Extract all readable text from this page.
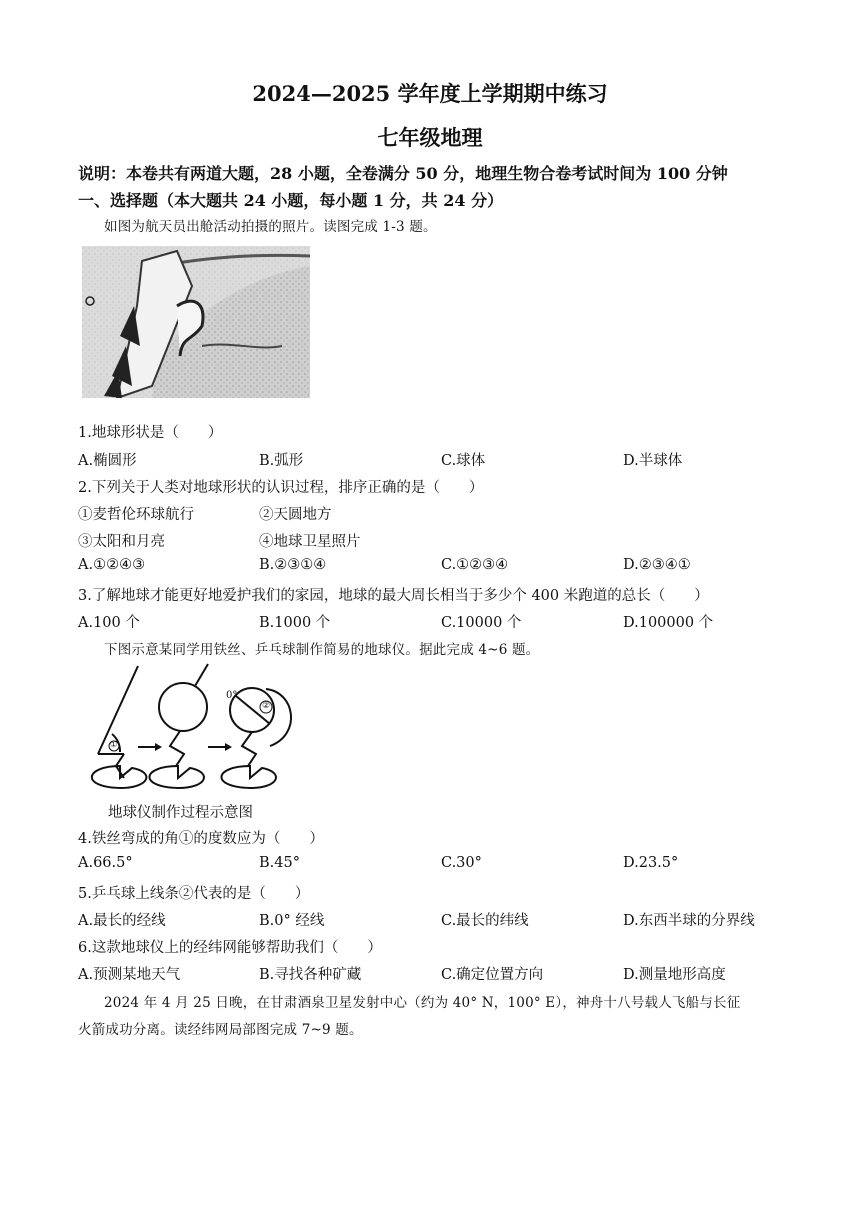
2024—2025 学年度上学期期中练习
七年级地理
说明：本卷共有两道大题，28 小题，全卷满分 50 分，地理生物合卷考试时间为 100 分钟
一、选择题（本大题共 24 小题，每小题 1 分，共 24 分）
如图为航天员出舱活动拍摄的照片。读图完成 1-3 题。
1.地球形状是（　　）
A.椭圆形	B.弧形	C.球体	D.半球体
2.下列关于人类对地球形状的认识过程，排序正确的是（　　）
①麦哲伦环球航行	②天圆地方
③太阳和月亮	④地球卫星照片
A.①②④③	B.②③①④	C.①②③④	D.②③④①
3.了解地球才能更好地爱护我们的家园，地球的最大周长相当于多少个 400 米跑道的总长（　　）
A.100 个	B.1000 个	C.10000 个	D.100000 个
下图示意某同学用铁丝、乒乓球制作简易的地球仪。据此完成 4~6 题。
①
②
0°
地球仪制作过程示意图
4.铁丝弯成的角①的度数应为（　　）
A.66.5°	B.45°	C.30°	D.23.5°
5.乒乓球上线条②代表的是（　　）
A.最长的经线	B.0° 经线	C.最长的纬线	D.东西半球的分界线
6.这款地球仪上的经纬网能够帮助我们（　　）
A.预测某地天气	B.寻找各种矿藏	C.确定位置方向	D.测量地形高度
2024 年 4 月 25 日晚，在甘肃酒泉卫星发射中心（约为 40° N，100° E），神舟十八号载人飞船与长征
火箭成功分离。读经纬网局部图完成 7~9 题。
